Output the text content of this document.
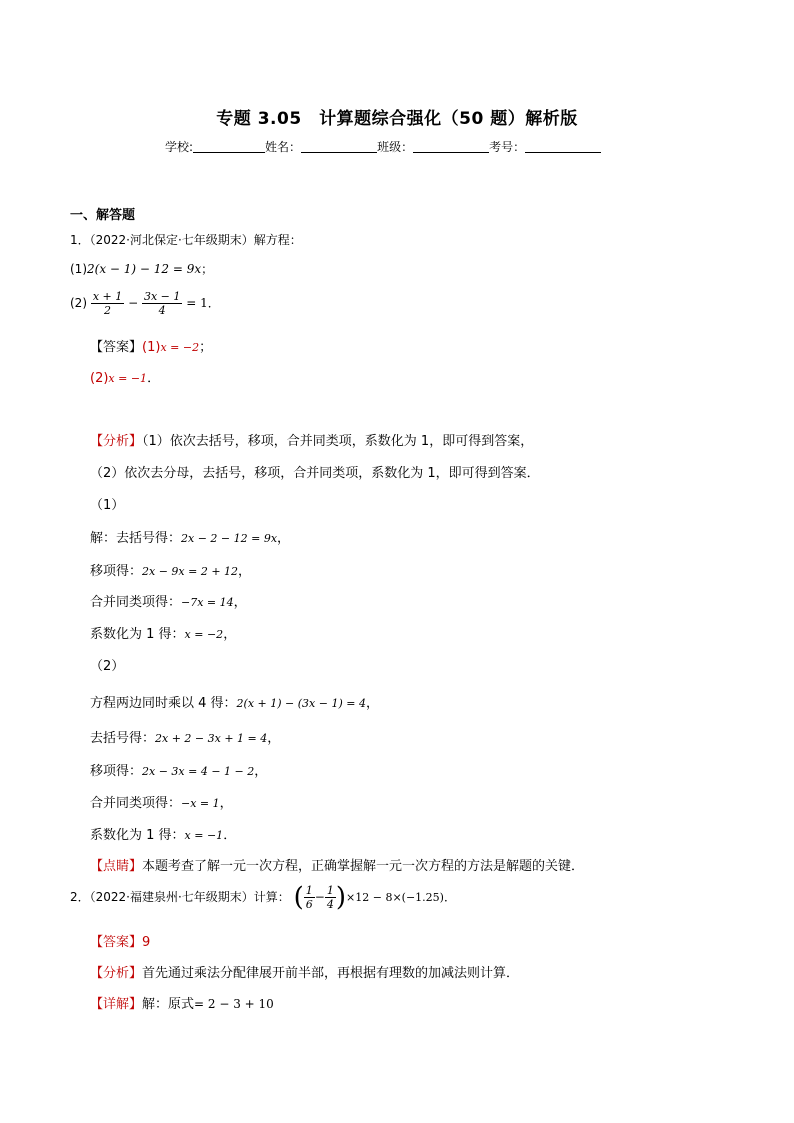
专题 3.05　计算题综合强化（50 题）解析版
学校:	姓名：	班级：	考号：
一、解答题
1．（2022·河北保定·七年级期末）解方程：
(1)2(x − 1) − 12 = 9x；
$(2) \frac{x + 1}{2} - \frac{3x - 1}{4} = 1$．
【答案】(1)x = −2；
(2)x = −1．
【分析】（1）依次去括号，移项，合并同类项，系数化为 1，即可得到答案，
（2）依次去分母，去括号，移项，合并同类项，系数化为 1，即可得到答案．
（1）
解：去括号得：2x − 2 − 12 = 9x，
移项得：2x − 9x = 2 + 12，
合并同类项得：−7x = 14，
系数化为 1 得：x = −2，
（2）
方程两边同时乘以 4 得：2(x + 1) − (3x − 1) = 4，
去括号得：2x + 2 − 3x + 1 = 4，
移项得：2x − 3x = 4 − 1 − 2，
合并同类项得：−x = 1，
系数化为 1 得：x = −1．
【点睛】本题考查了解一元一次方程，正确掌握解一元一次方程的方法是解题的关键．
2．（2022·福建泉州·七年级期末）计算： ( $\frac{1}{6} - \frac{1}{4} )\times 12 - 8\times(-1.25)$．
【答案】9
【分析】首先通过乘法分配律展开前半部，再根据有理数的加减法则计算．
【详解】解：原式= 2 − 3 + 10
